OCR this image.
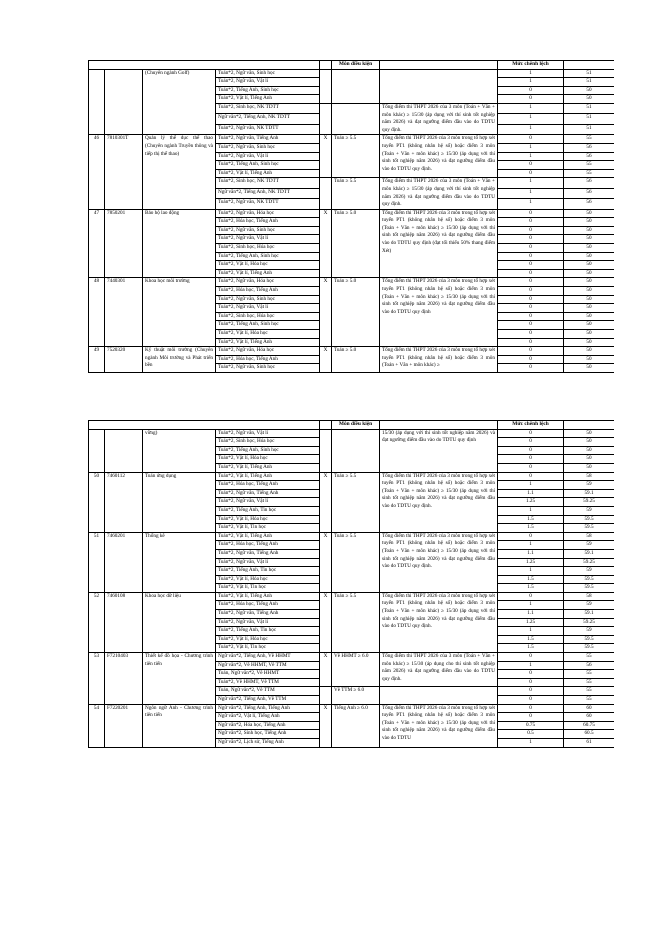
					Môn điều kiện		Mức chênh lệch	
		(Chuyên ngành Golf)	Toán*2, Ngữ văn, Sinh học				1	51
			Toán*2, Ngữ văn, Vật lí				1	51
			Toán*2, Tiếng Anh, Sinh học				0	50
			Toán*2, Vật lí, Tiếng Anh				0	50
			Toán*2, Sinh học, NK TDTT			Tổng điểm thi THPT 2026 của 3 môn (Toán + Văn + môn khác) ≥ 15/30 (áp dụng với thí sinh tốt nghiệp năm 2026) và đạt ngưỡng điểm đầu vào do TDTU quy định.	1	51
			Ngữ văn*2, Tiếng Anh, NK TDTT				1	51
			Toán*2, Ngữ văn, NK TDTT				1	51
46	7810301T	Quản lý thể dục thể thao (Chuyên ngành Truyền thông và tiếp thị thể thao)	Toán*2, Ngữ văn, Tiếng Anh	X	Toán ≥ 5.5	Tổng điểm thi THPT 2026 của 3 môn trong tổ hợp xét tuyển PT1 (không nhân hệ số) hoặc điểm 3 môn (Toán + Văn + môn khác) ≥ 15/30 (áp dụng với thí sinh tốt nghiệp năm 2026) và đạt ngưỡng điểm đầu vào do TDTU quy định.	0	55
			Toán*2, Ngữ văn, Sinh học				1	56
			Toán*2, Ngữ văn, Vật lí				1	56
			Toán*2, Tiếng Anh, Sinh học				0	55
			Toán*2, Vật lí, Tiếng Anh				0	55
			Toán*2, Sinh học, NK TDTT		Toán ≥ 5.5	Tổng điểm thi THPT 2026 của 3 môn (Toán + Văn + môn khác) ≥ 15/30 (áp dụng với thí sinh tốt nghiệp năm 2026) và đạt ngưỡng điểm đầu vào do TDTU quy định.	1	56
			Ngữ văn*2, Tiếng Anh, NK TDTT				1	56
			Toán*2, Ngữ văn, NK TDTT				1	56
47	7850201	Bảo hộ lao động	Toán*2, Ngữ văn, Hóa học	X	Toán ≥ 5.0	Tổng điểm thi THPT 2026 của 3 môn trong tổ hợp xét tuyển PT1 (không nhân hệ số) hoặc điểm 3 môn (Toán + Văn + môn khác) ≥ 15/30 (áp dụng với thí sinh tốt nghiệp năm 2026) và đạt ngưỡng điểm đầu vào do TDTU quy định (đạt tối thiểu 50% thang điểm Xét)	0	50
			Toán*2, Hóa học, Tiếng Anh				0	50
			Toán*2, Ngữ văn, Sinh học				0	50
			Toán*2, Ngữ văn, Vật lí				0	50
			Toán*2, Sinh học, Hóa học				0	50
			Toán*2, Tiếng Anh, Sinh học				0	50
			Toán*2, Vật lí, Hóa học				0	50
			Toán*2, Vật lí, Tiếng Anh				0	50
48	7440301	Khoa học môi trường	Toán*2, Ngữ văn, Hóa học	X	Toán ≥ 5.0	Tổng điểm thi THPT 2026 của 3 môn trong tổ hợp xét tuyển PT1 (không nhân hệ số) hoặc điểm 3 môn (Toán + Văn + môn khác) ≥ 15/30 (áp dụng với thí sinh tốt nghiệp năm 2026) và đạt ngưỡng điểm đầu vào do TDTU quy định	0	50
			Toán*2, Hóa học, Tiếng Anh				0	50
			Toán*2, Ngữ văn, Sinh học				0	50
			Toán*2, Ngữ văn, Vật lí				0	50
			Toán*2, Sinh học, Hóa học				0	50
			Toán*2, Tiếng Anh, Sinh học				0	50
			Toán*2, Vật lí, Hóa học				0	50
			Toán*2, Vật lí, Tiếng Anh				0	50
49	7520320	Kỹ thuật môi trường (Chuyên ngành Môi trường và Phát triển bền	Toán*2, Ngữ văn, Hóa học	X	Toán ≥ 5.0	Tổng điểm thi THPT 2026 của 3 môn trong tổ hợp xét tuyển PT1 (không nhân hệ số) hoặc điểm 3 môn (Toán + Văn + môn khác) ≥	0	50
			Toán*2, Hóa học, Tiếng Anh				0	50
			Toán*2, Ngữ văn, Sinh học				0	50
					Môn điều kiện		Mức chênh lệch	
		vững)	Toán*2, Ngữ văn, Vật lí			15/30 (áp dụng với thí sinh tốt nghiệp năm 2026) và đạt ngưỡng điểm đầu vào do TDTU quy định	0	50
			Toán*2, Sinh học, Hóa học				0	50
			Toán*2, Tiếng Anh, Sinh học				0	50
			Toán*2, Vật lí, Hóa học				0	50
			Toán*2, Vật lí, Tiếng Anh				0	50
50	7460112	Toán ứng dụng	Toán*2, Vật lí, Tiếng Anh	X	Toán ≥ 5.5	Tổng điểm thi THPT 2026 của 3 môn trong tổ hợp xét tuyển PT1 (không nhân hệ số) hoặc điểm 3 môn (Toán + Văn + môn khác) ≥ 15/30 (áp dụng với thí sinh tốt nghiệp năm 2026) và đạt ngưỡng điểm đầu vào do TDTU quy định.	0	58
			Toán*2, Hóa học, Tiếng Anh				1	59
			Toán*2, Ngữ văn, Tiếng Anh				1.1	59.1
			Toán*2, Ngữ văn, Vật lí				1.25	59.25
			Toán*2, Tiếng Anh, Tin học				1	59
			Toán*2, Vật lí, Hóa học				1.5	59.5
			Toán*2, Vật lí, Tin học				1.5	59.5
51	7460201	Thống kê	Toán*2, Vật lí, Tiếng Anh	X	Toán ≥ 5.5	Tổng điểm thi THPT 2026 của 3 môn trong tổ hợp xét tuyển PT1 (không nhân hệ số) hoặc điểm 3 môn (Toán + Văn + môn khác) ≥ 15/30 (áp dụng với thí sinh tốt nghiệp năm 2026) và đạt ngưỡng điểm đầu vào do TDTU quy định.	0	58
			Toán*2, Hóa học, Tiếng Anh				1	59
			Toán*2, Ngữ văn, Tiếng Anh				1.1	59.1
			Toán*2, Ngữ văn, Vật lí				1.25	59.25
			Toán*2, Tiếng Anh, Tin học				1	59
			Toán*2, Vật lí, Hóa học				1.5	59.5
			Toán*2, Vật lí, Tin học				1.5	59.5
52	7460108	Khoa học dữ liệu	Toán*2, Vật lí, Tiếng Anh	X	Toán ≥ 5.5	Tổng điểm thi THPT 2026 của 3 môn trong tổ hợp xét tuyển PT1 (không nhân hệ số) hoặc điểm 3 môn (Toán + Văn + môn khác) ≥ 15/30 (áp dụng với thí sinh tốt nghiệp năm 2026) và đạt ngưỡng điểm đầu vào do TDTU quy định.	0	58
			Toán*2, Hóa học, Tiếng Anh				1	59
			Toán*2, Ngữ văn, Tiếng Anh				1.1	59.1
			Toán*2, Ngữ văn, Vật lí				1.25	59.25
			Toán*2, Tiếng Anh, Tin học				1	59
			Toán*2, Vật lí, Hóa học				1.5	59.5
			Toán*2, Vật lí, Tin học				1.5	59.5
53	F7210403	Thiết kế đồ họa - Chương trình tiên tiến	Ngữ văn*2, Tiếng Anh, Vẽ HHMT	X	Vẽ HHMT ≥ 6.0	Tổng điểm thi THPT 2026 của 3 môn (Toán + Văn + môn khác) ≥ 15/30 (áp dụng cho thí sinh tốt nghiệp năm 2026) và đạt ngưỡng điểm đầu vào do TDTU quy định.	0	55
			Ngữ văn*2, Vẽ HHMT, Vẽ TTM				1	56
			Toán, Ngữ văn*2, Vẽ HHMT				0	55
			Toán*2, Vẽ HHMT, Vẽ TTM				0	55
			Toán, Ngữ văn*2, Vẽ TTM		Vẽ TTM ≥ 6.0		0	55
			Ngữ văn*2, Tiếng Anh, Vẽ TTM				0	55
54	F7220201	Ngôn ngữ Anh - Chương trình tiên tiến	Ngữ văn*2, Tiếng Anh, Tiếng Anh	X	Tiếng Anh ≥ 6.0	Tổng điểm thi THPT 2026 của 3 môn trong tổ hợp xét tuyển PT1 (không nhân hệ số) hoặc điểm 3 môn (Toán + Văn + môn khác) ≥ 15/30 (áp dụng với thí sinh tốt nghiệp năm 2026) và đạt ngưỡng điểm đầu vào do TDTU	0	60
			Ngữ văn*2, Vật lí, Tiếng Anh				0	60
			Ngữ văn*2, Hóa học, Tiếng Anh				0.75	60.75
			Ngữ văn*2, Sinh học, Tiếng Anh				0.5	60.5
			Ngữ văn*2, Lịch sử, Tiếng Anh				1	61
